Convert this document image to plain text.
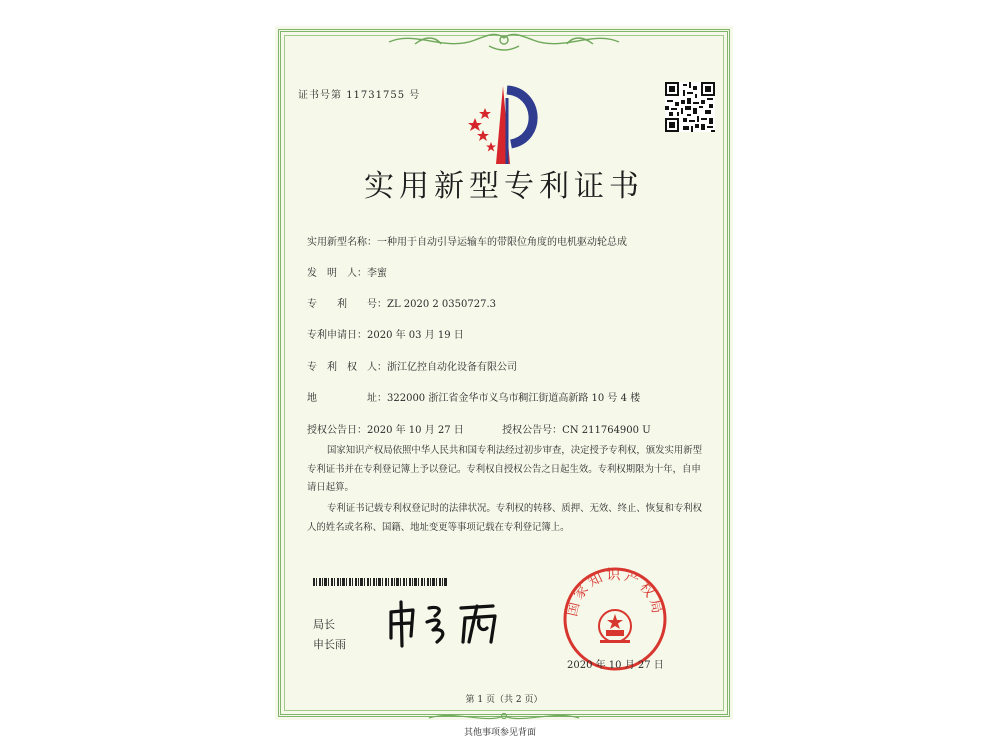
证书号第 11731755 号
实用新型专利证书
实用新型名称：一种用于自动引导运输车的带限位角度的电机驱动轮总成
发　明　人：李蜜
专　　利　　号：ZL 2020 2 0350727.3
专利申请日：2020 年 03 月 19 日
专　利　权　人：浙江亿控自动化设备有限公司
地　　　　　址：322000 浙江省金华市义乌市稠江街道高新路 10 号 4 楼
授权公告日：2020 年 10 月 27 日	授权公告号：CN 211764900 U
国家知识产权局依照中华人民共和国专利法经过初步审查，决定授予专利权，颁发实用新型专利证书并在专利登记簿上予以登记。专利权自授权公告之日起生效。专利权期限为十年，自申请日起算。
专利证书记载专利权登记时的法律状况。专利权的转移、质押、无效、终止、恢复和专利权人的姓名或名称、国籍、地址变更等事项记载在专利登记簿上。
局长
申长雨
国家知识产权局
2020 年 10 月 27 日
第 1 页（共 2 页）
其他事项参见背面
